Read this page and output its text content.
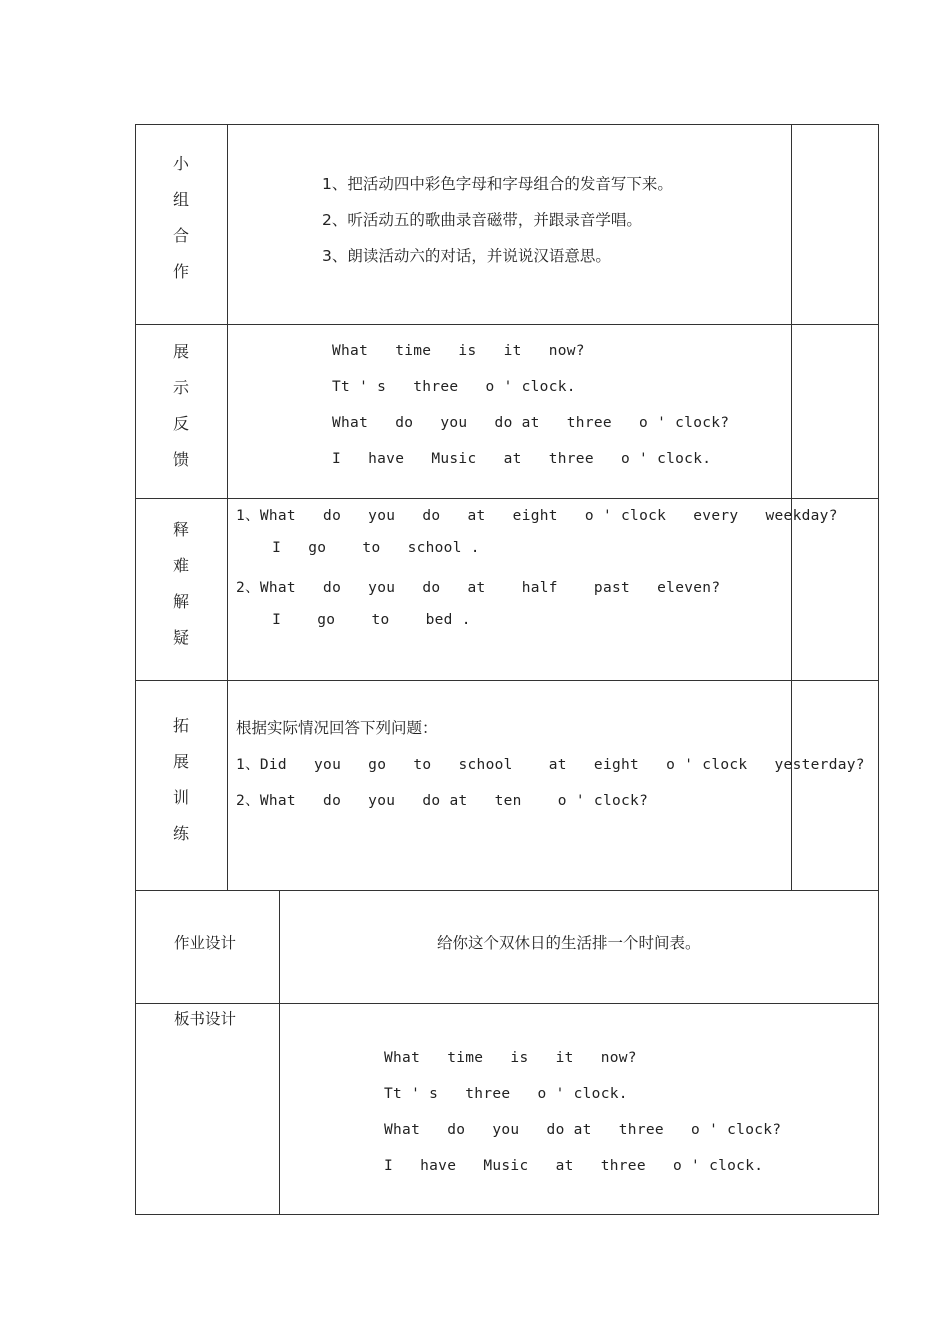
小
组
合
作
1、把活动四中彩色字母和字母组合的发音写下来。
2、听活动五的歌曲录音磁带，并跟录音学唱。
3、朗读活动六的对话，并说说汉语意思。
展
示
反
馈
What   time   is   it   now?
Tt ' s   three   o ' clock.
What   do   you   do at   three   o ' clock?
I   have   Music   at   three   o ' clock.
释
难
解
疑
1、What   do   you   do   at   eight   o ' clock   every   weekday?
I   go    to   school .
2、What   do   you   do   at    half    past   eleven?
I    go    to    bed .
拓
展
训
练
根据实际情况回答下列问题：
1、Did   you   go   to   school    at   eight   o ' clock   yesterday?
2、What   do   you   do at   ten    o ' clock?
作业设计	给你这个双休日的生活排一个时间表。
板书设计
What   time   is   it   now?
Tt ' s   three   o ' clock.
What   do   you   do at   three   o ' clock?
I   have   Music   at   three   o ' clock.
